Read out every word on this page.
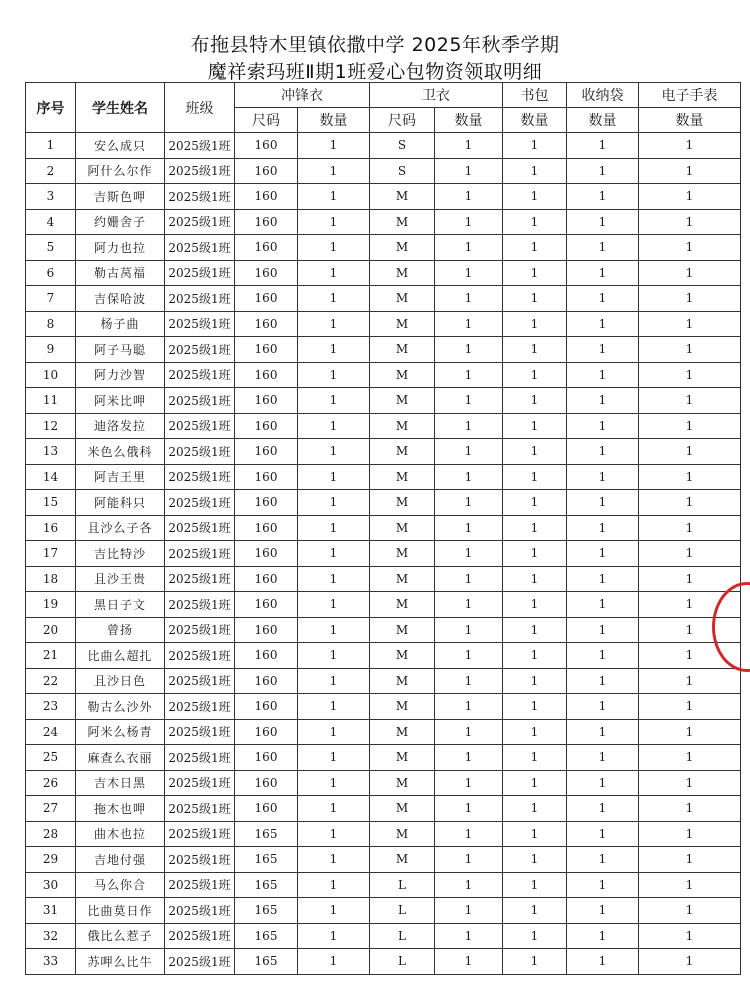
布拖县特木里镇依撒中学 2025年秋季学期
魔祥索玛班Ⅱ期1班爱心包物资领取明细
序号	学生姓名	班级	冲锋衣		卫衣		书包	收纳袋	电子手表
			尺码	数量	尺码	数量	数量	数量	数量
1	安么成只	2025级1班	160	1	S	1	1	1	1
2	阿什么尔作	2025级1班	160	1	S	1	1	1	1
3	吉斯色呷	2025级1班	160	1	M	1	1	1	1
4	约姗舍子	2025级1班	160	1	M	1	1	1	1
5	阿力也拉	2025级1班	160	1	M	1	1	1	1
6	勒古莴福	2025级1班	160	1	M	1	1	1	1
7	吉保哈波	2025级1班	160	1	M	1	1	1	1
8	杨子曲	2025级1班	160	1	M	1	1	1	1
9	阿子马聪	2025级1班	160	1	M	1	1	1	1
10	阿力沙智	2025级1班	160	1	M	1	1	1	1
11	阿米比呷	2025级1班	160	1	M	1	1	1	1
12	迪洛发拉	2025级1班	160	1	M	1	1	1	1
13	米色么俄科	2025级1班	160	1	M	1	1	1	1
14	阿吉王里	2025级1班	160	1	M	1	1	1	1
15	阿能科只	2025级1班	160	1	M	1	1	1	1
16	且沙么子各	2025级1班	160	1	M	1	1	1	1
17	吉比特沙	2025级1班	160	1	M	1	1	1	1
18	且沙王贵	2025级1班	160	1	M	1	1	1	1
19	黑日子文	2025级1班	160	1	M	1	1	1	1
20	曾扬	2025级1班	160	1	M	1	1	1	1
21	比曲么超扎	2025级1班	160	1	M	1	1	1	1
22	且沙日色	2025级1班	160	1	M	1	1	1	1
23	勒古么沙外	2025级1班	160	1	M	1	1	1	1
24	阿米么杨青	2025级1班	160	1	M	1	1	1	1
25	麻查么衣丽	2025级1班	160	1	M	1	1	1	1
26	吉木日黑	2025级1班	160	1	M	1	1	1	1
27	拖木也呷	2025级1班	160	1	M	1	1	1	1
28	曲木也拉	2025级1班	165	1	M	1	1	1	1
29	吉地付强	2025级1班	165	1	M	1	1	1	1
30	马么你合	2025级1班	165	1	L	1	1	1	1
31	比曲莫日作	2025级1班	165	1	L	1	1	1	1
32	俄比么惹子	2025级1班	165	1	L	1	1	1	1
33	苏呷么比牛	2025级1班	165	1	L	1	1	1	1
